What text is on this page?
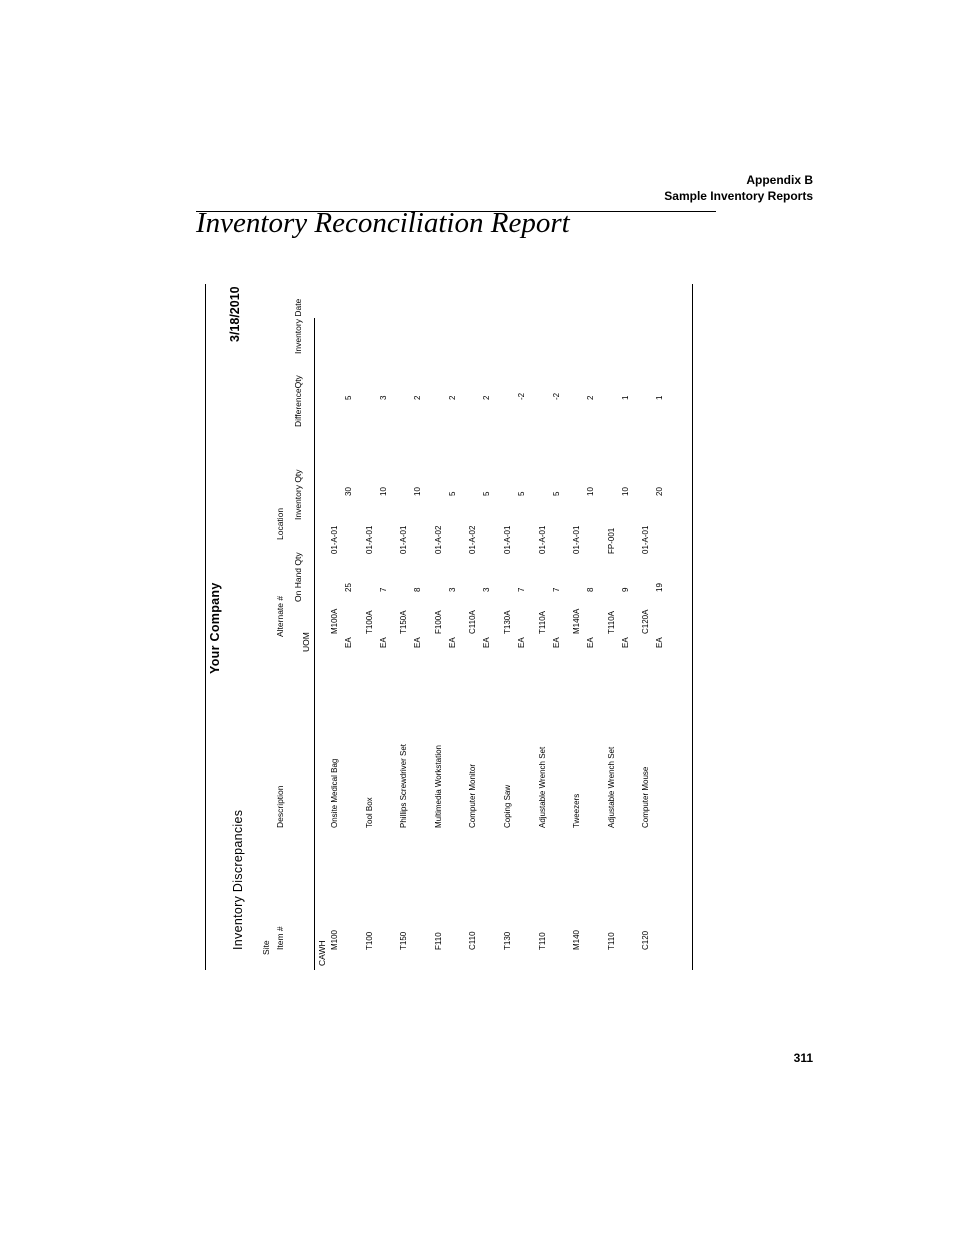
Appendix B
Sample Inventory Reports
Inventory Reconciliation Report
Inventory Discrepancies
Your Company
3/18/2010
Site Item #
Description
Alternate #
Location
UOM
On Hand Qty
Inventory Qty
DifferenceQty
Inventory Date
CAWH
M100
Onsite Medical Bag
M100A
01-A-01
EA
25
30
5
T100
Tool Box
T100A
01-A-01
EA
7
10
3
T150
Phillips Screwdriver Set
T150A
01-A-01
EA
8
10
2
F110
Multimedia Workstation
F100A
01-A-02
EA
3
5
2
C110
Computer Monitor
C110A
01-A-02
EA
3
5
2
T130
Coping Saw
T130A
01-A-01
EA
7
5
-2
T110
Adjustable Wrench Set
T110A
01-A-01
EA
7
5
-2
M140
Tweezers
M140A
01-A-01
EA
8
10
2
T110
Adjustable Wrench Set
T110A
FP-001
EA
9
10
1
C120
Computer Mouse
C120A
01-A-01
EA
19
20
1
311
